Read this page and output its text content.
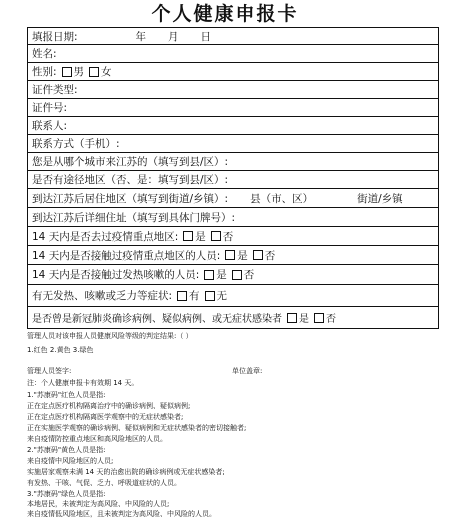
个人健康申报卡
填报日期:	年 月 日
姓名:
性别: 男 女
证件类型:
证件号:
联系人:
联系方式（手机）:
您是从哪个城市来江苏的（填写到县/区）:
是否有途径地区（否、是：填写到县/区）:
到达江苏后居住地区（填写到街道/乡镇）: 县（市、区）	街道/乡镇
到达江苏后详细住址（填写到具体门牌号）:
14 天内是否去过疫情重点地区: 是 否
14 天内是否接触过疫情重点地区的人员: 是 否
14 天内是否接触过发热咳嗽的人员: 是 否
有无发热、咳嗽或乏力等症状: 有 无
是否曾是新冠肺炎确诊病例、疑似病例、或无症状感染者 是 否
管理人员对该申报人员健康风险等级的判定结果:（ ）
1.红色 2.黄色 3.绿色
管理人员签字:	单位盖章:
注：个人健康申报卡有效期 14 天。
1."苏康码"红色人员是指:
正在定点医疗机构隔离治疗中的确诊病例、疑似病例;
正在定点医疗机构隔离医学观察中的无症状感染者;
正在实施医学观察的确诊病例、疑似病例和无症状感染者的密切接触者;
来自疫情防控重点地区和高风险地区的人员。
2."苏康码"黄色人员是指:
来自疫情中风险地区的人员;
实施居家观察未满 14 天的治愈出院的确诊病例或无症状感染者;
有发热、干咳、气促、乏力、呼吸道症状的人员。
3."苏康码"绿色人员是指:
本地居民，未被判定为高风险、中风险的人员;
来自疫情低风险地区，且未被判定为高风险、中风险的人员。
